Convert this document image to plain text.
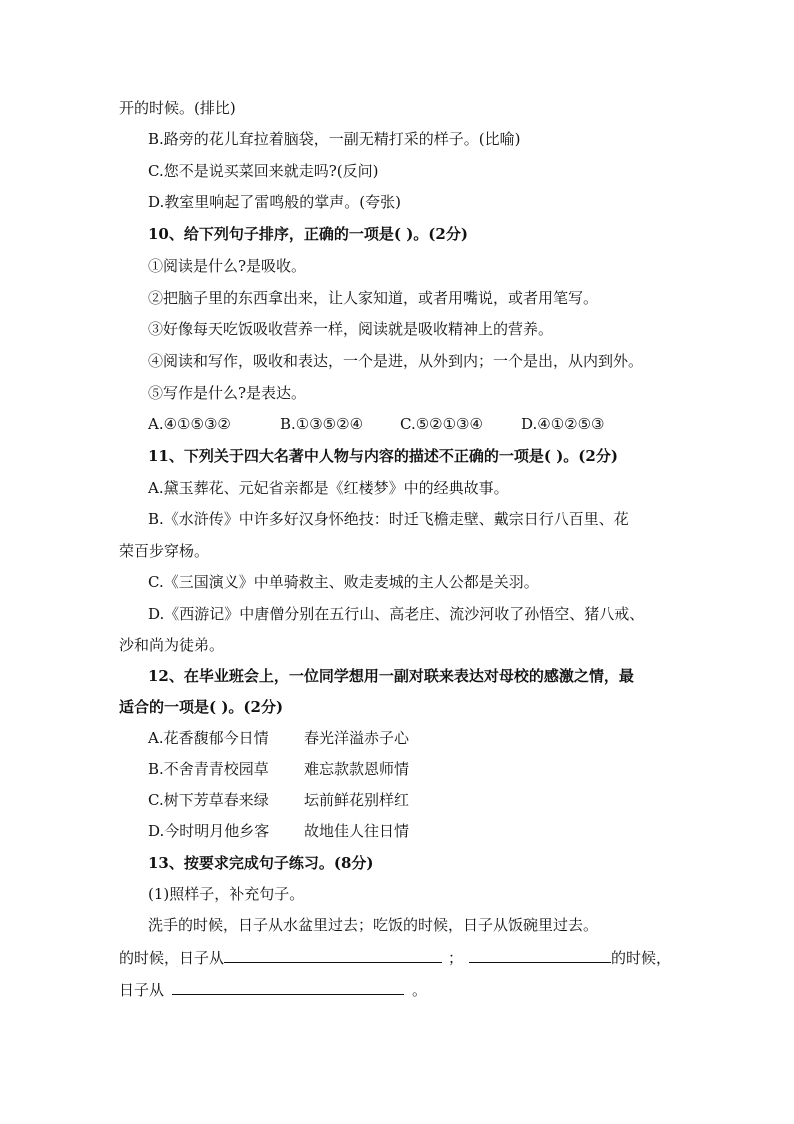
开的时候。(排比)
B.路旁的花儿耷拉着脑袋，一副无精打采的样子。(比喻)
C.您不是说买菜回来就走吗?(反问)
D.教室里响起了雷鸣般的掌声。(夸张)
10、给下列句子排序，正确的一项是( )。(2分)
①阅读是什么?是吸收。
②把脑子里的东西拿出来，让人家知道，或者用嘴说，或者用笔写。
③好像每天吃饭吸收营养一样，阅读就是吸收精神上的营养。
④阅读和写作，吸收和表达，一个是进，从外到内；一个是出，从内到外。
⑤写作是什么?是表达。
A.④①⑤③②	B.①③⑤②④ C.⑤②①③④	D.④①②⑤③
11、下列关于四大名著中人物与内容的描述不正确的一项是( )。(2分)
A.黛玉葬花、元妃省亲都是《红楼梦》中的经典故事。
B.《水浒传》中许多好汉身怀绝技：时迁飞檐走壁、戴宗日行八百里、花
荣百步穿杨。
C.《三国演义》中单骑救主、败走麦城的主人公都是关羽。
D.《西游记》中唐僧分别在五行山、高老庄、流沙河收了孙悟空、猪八戒、
沙和尚为徒弟。
12、在毕业班会上，一位同学想用一副对联来表达对母校的感激之情，最
适合的一项是( )。(2分)
A.花香馥郁今日情 春光洋溢赤子心
B.不舍青青校园草 难忘款款恩师情
C.树下芳草春来绿 坛前鲜花别样红
D.今时明月他乡客 故地佳人往日情
13、按要求完成句子练习。(8分)
(1)照样子，补充句子。
洗手的时候，日子从水盆里过去；吃饭的时候，日子从饭碗里过去。
的时候，日子从	；	的时候，
日子从	。
